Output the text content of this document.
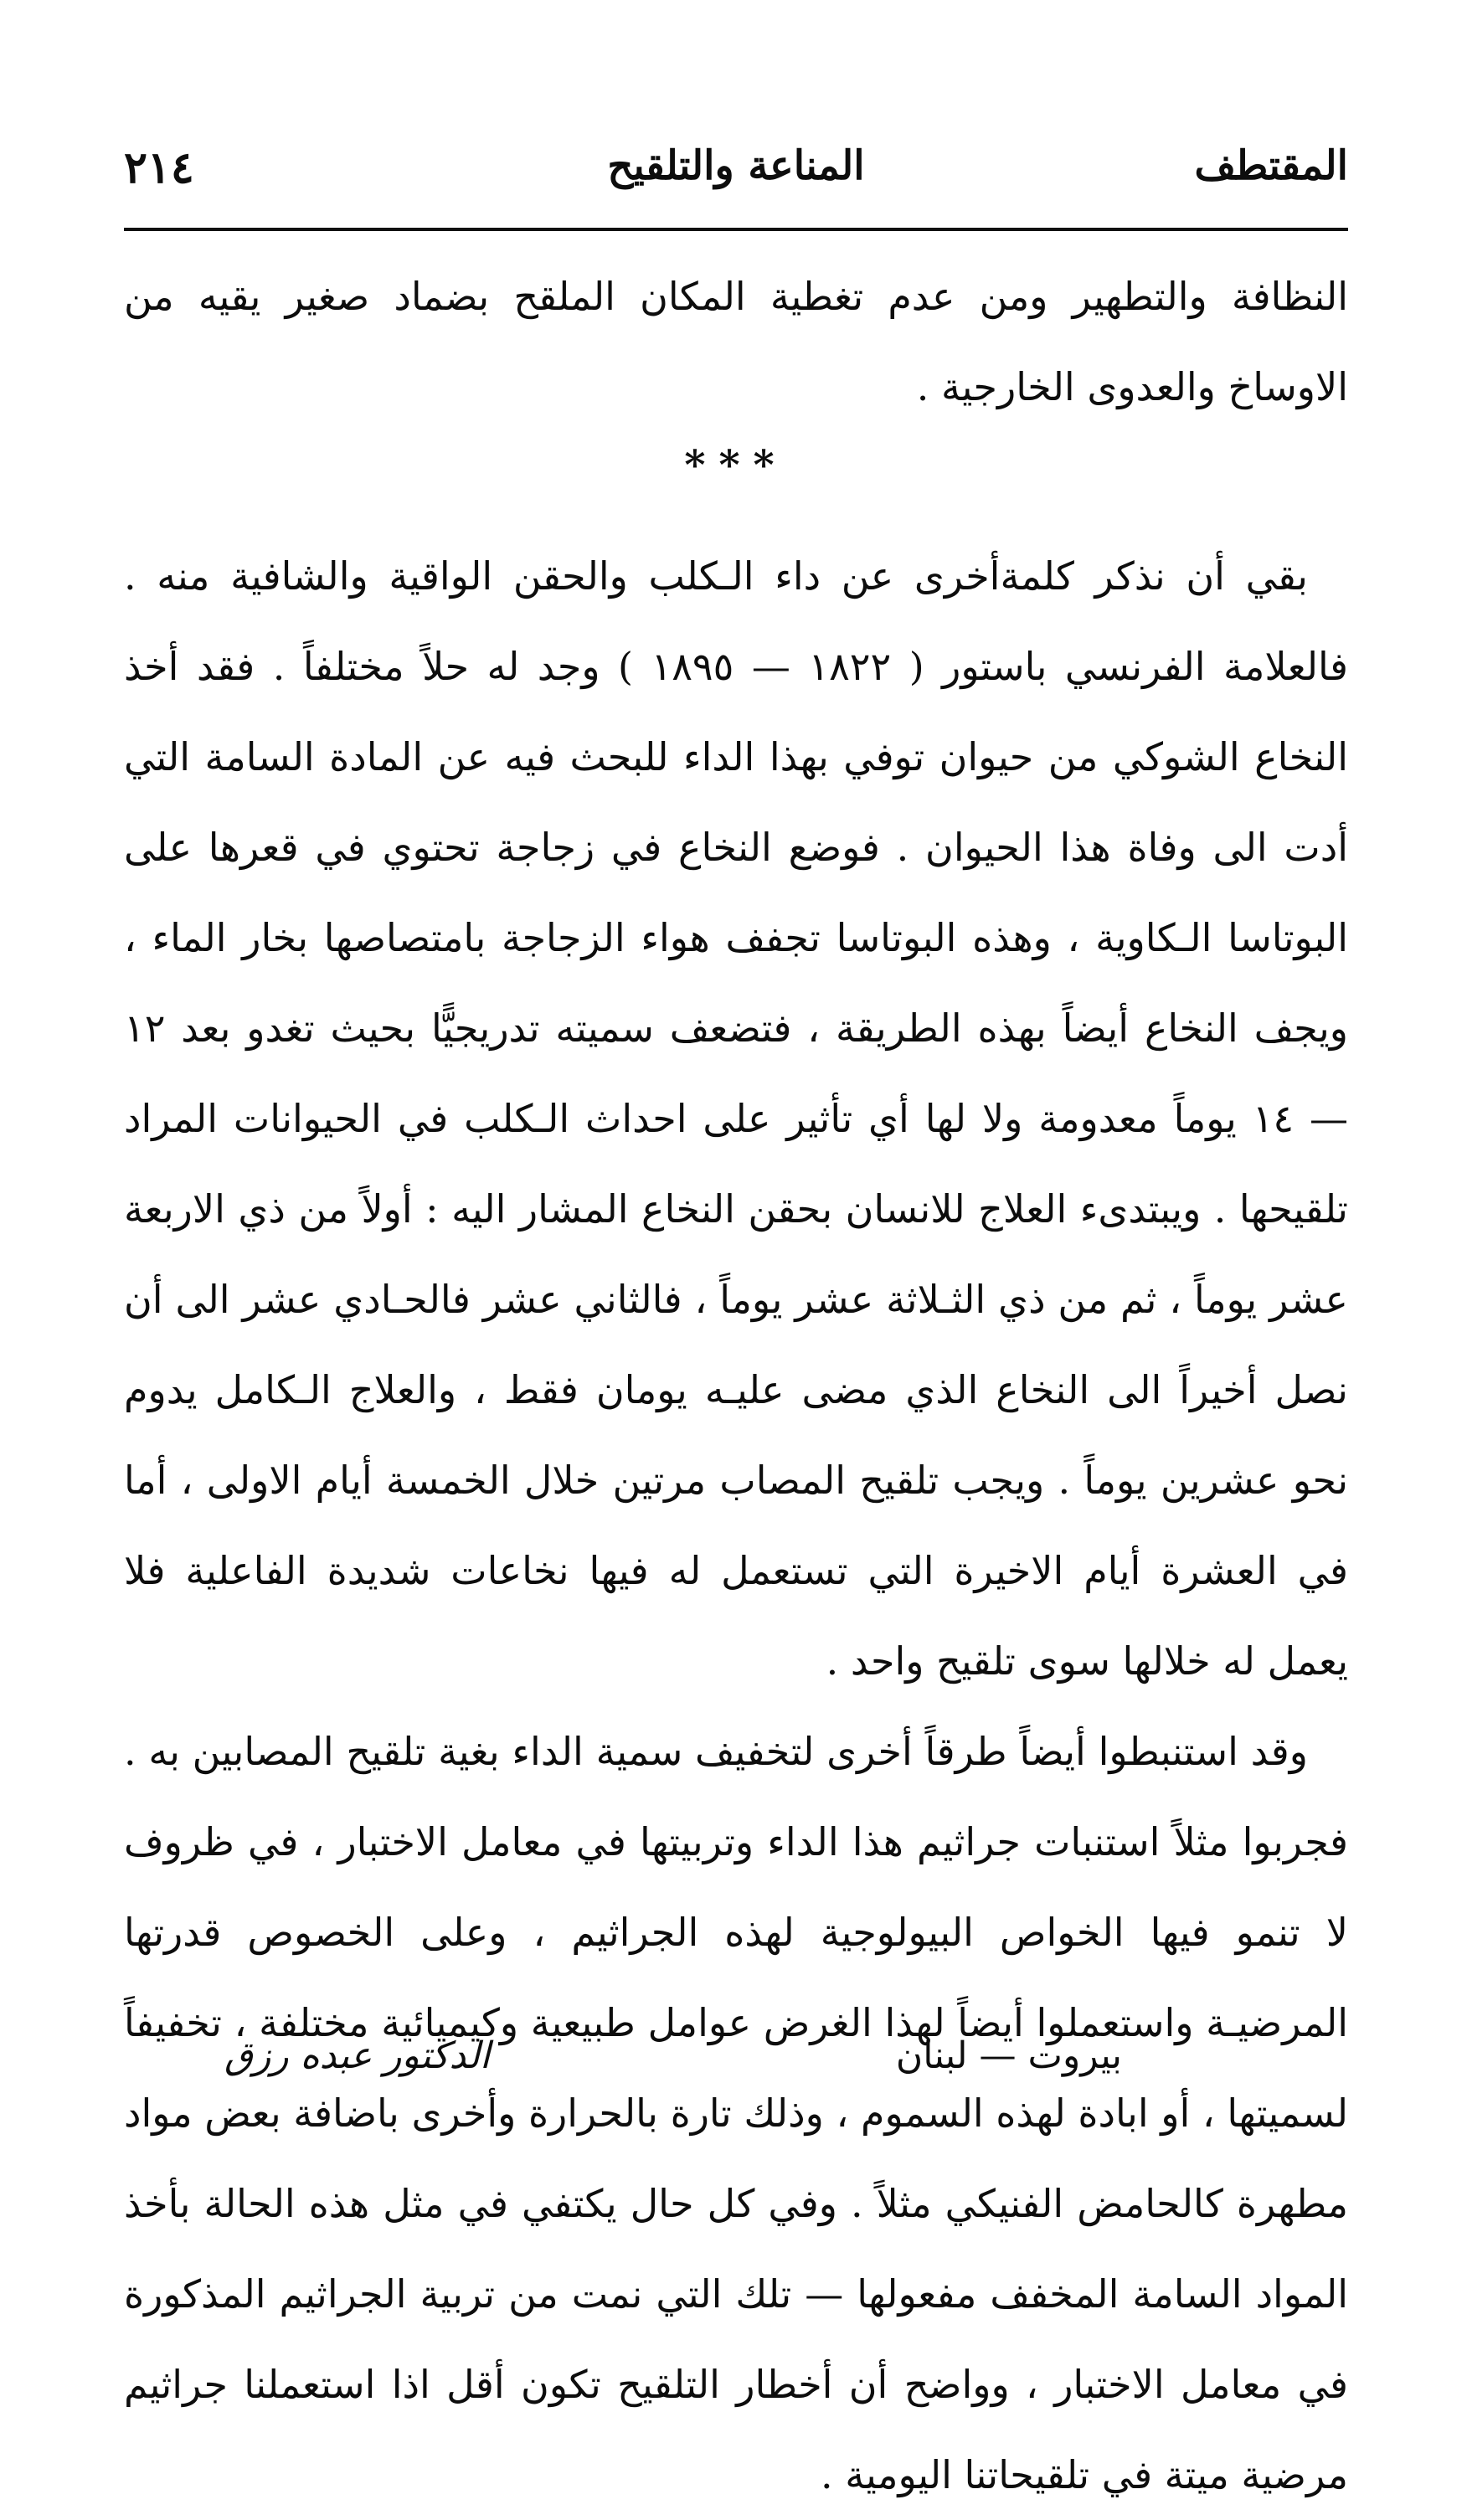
المقتطف
المناعة والتلقيح
٢١٤

النظافة والتطهير ومن عدم تغطية المكان الملقح بضماد صغير يقيه من الاوساخ والعدوى الخارجية .

***

بقي أن نذكر كلمةأخرى عن داء الـكلب والحقن الواقية والشافية منه . فالعلامة الفرنسي باستور ( ١٨٢٢ — ١٨٩٥ ) وجد له حلاً مختلفاً . فقد أخذ النخاع الشوكي من حيوان توفي بهذا الداء للبحث فيه عن المادة السامة التي أدت الى وفاة هذا الحيوان . فوضع النخاع في زجاجة تحتوي في قعرها على البوتاسا الـكاوية ، وهذه البوتاسا تجفف هواء الزجاجة بامتصاصها بخار الماء ، ويجف النخاع أيضاً بهذه الطريقة ، فتضعف سميته تدريجيًّا بحيث تغدو بعد ١٢ — ١٤ يوماً معدومة ولا لها أي تأثير على احداث الـكلب في الحيوانات المراد تلقيحها . ويبتدىء العلاج للانسان بحقن النخاع المشار اليه : أولاً من ذي الاربعة عشر يوماً ، ثم من ذي الثـلاثة عشر يوماً ، فالثاني عشر فالحـادي عشر الى أن نصل أخيراً الى النخاع الذي مضى عليـه يومان فقط ، والعلاج الـكامل يدوم نحو عشرين يوماً . ويجب تلقيح المصاب مرتين خلال الخمسة أيام الاولى ، أما في العشرة أيام الاخيرة التي تستعمل له فيها نخاعات شديدة الفاعلية فلا يعمل له خلالها سوى تلقيح واحد .

وقد استنبطوا أيضاً طرقاً أخرى لتخفيف سمية الداء بغية تلقيح المصابين به . فجربوا مثلاً استنبات جراثيم هذا الداء وتربيتها في معامل الاختبار ، في ظروف لا تنمو فيها الخواص البيولوجية لهذه الجراثيم ، وعلى الخصوص قدرتها المرضيـة واستعملوا أيضاً لهذا الغرض عوامل طبيعية وكيميائية مختلفة ، تخفيفاً لسميتها ، أو ابادة لهذه السموم ، وذلك تارة بالحرارة وأخرى باضافة بعض مواد مطهرة كالحامض الفنيكي مثلاً . وفي كل حال يكتفي في مثل هذه الحالة بأخذ المواد السامة المخفف مفعولها — تلك التي نمت من تربية الجراثيم المذكورة في معامل الاختبار ، وواضح أن أخطار التلقيح تكون أقل اذا استعملنا جراثيم مرضية ميتة في تلقيحاتنا اليومية .

بيروت — لبنان
الدكتور عبده رزق
